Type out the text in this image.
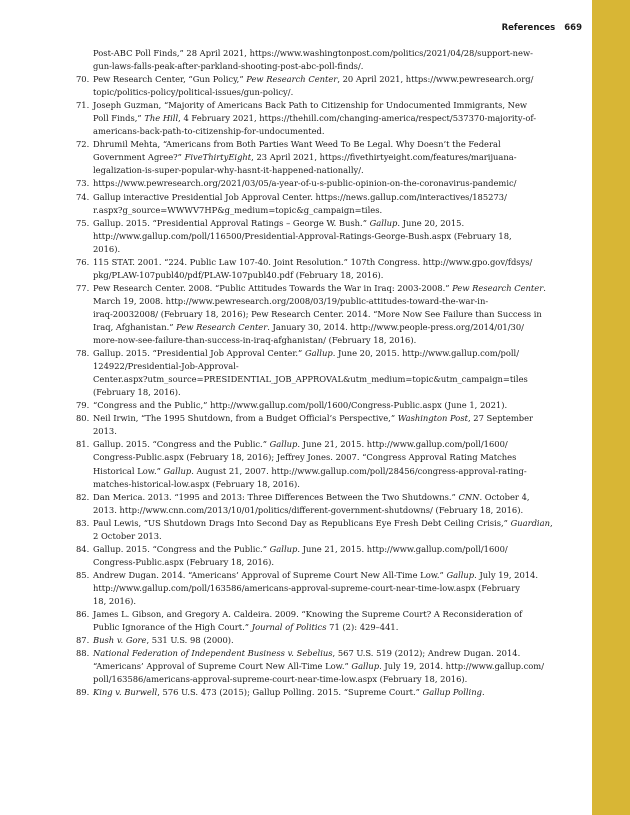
References 669
Post-ABC Poll Finds,” 28 April 2021, https://www.washingtonpost.com/politics/2021/04/28/support-new-
gun-laws-falls-peak-after-parkland-shooting-post-abc-poll-finds/.
70. Pew Research Center, “Gun Policy,” Pew Research Center, 20 April 2021, https://www.pewresearch.org/
topic/politics-policy/political-issues/gun-policy/.
71. Joseph Guzman, “Majority of Americans Back Path to Citizenship for Undocumented Immigrants, New
Poll Finds,” The Hill, 4 February 2021, https://thehill.com/changing-america/respect/537370-majority-of-
americans-back-path-to-citizenship-for-undocumented.
72. Dhrumil Mehta, “Americans from Both Parties Want Weed To Be Legal. Why Doesn’t the Federal
Government Agree?” FiveThirtyEight, 23 April 2021, https://fivethirtyeight.com/features/marijuana-
legalization-is-super-popular-why-hasnt-it-happened-nationally/.
73. https://www.pewresearch.org/2021/03/05/a-year-of-u-s-public-opinion-on-the-coronavirus-pandemic/
74. Gallup interactive Presidential Job Approval Center. https://news.gallup.com/interactives/185273/
r.aspx?g_source=WWWV7HP&g_medium=topic&g_campaign=tiles.
75. Gallup. 2015. “Presidential Approval Ratings – George W. Bush.” Gallup. June 20, 2015.
http://www.gallup.com/poll/116500/Presidential-Approval-Ratings-George-Bush.aspx (February 18,
2016).
76. 115 STAT. 2001. “224. Public Law 107-40. Joint Resolution.” 107th Congress. http://www.gpo.gov/fdsys/
pkg/PLAW-107publ40/pdf/PLAW-107publ40.pdf (February 18, 2016).
77. Pew Research Center. 2008. “Public Attitudes Towards the War in Iraq: 2003-2008.” Pew Research Center.
March 19, 2008. http://www.pewresearch.org/2008/03/19/public-attitudes-toward-the-war-in-
iraq-20032008/ (February 18, 2016); Pew Research Center. 2014. “More Now See Failure than Success in
Iraq, Afghanistan.” Pew Research Center. January 30, 2014. http://www.people-press.org/2014/01/30/
more-now-see-failure-than-success-in-iraq-afghanistan/ (February 18, 2016).
78. Gallup. 2015. “Presidential Job Approval Center.” Gallup. June 20, 2015. http://www.gallup.com/poll/
124922/Presidential-Job-Approval-
Center.aspx?utm_source=PRESIDENTIAL_JOB_APPROVAL&utm_medium=topic&utm_campaign=tiles
(February 18, 2016).
79. “Congress and the Public,” http://www.gallup.com/poll/1600/Congress-Public.aspx (June 1, 2021).
80. Neil Irwin, “The 1995 Shutdown, from a Budget Official’s Perspective,” Washington Post, 27 September
2013.
81. Gallup. 2015. “Congress and the Public.” Gallup. June 21, 2015. http://www.gallup.com/poll/1600/
Congress-Public.aspx (February 18, 2016); Jeffrey Jones. 2007. “Congress Approval Rating Matches
Historical Low.” Gallup. August 21, 2007. http://www.gallup.com/poll/28456/congress-approval-rating-
matches-historical-low.aspx (February 18, 2016).
82. Dan Merica. 2013. “1995 and 2013: Three Differences Between the Two Shutdowns.” CNN. October 4,
2013. http://www.cnn.com/2013/10/01/politics/different-government-shutdowns/ (February 18, 2016).
83. Paul Lewis, “US Shutdown Drags Into Second Day as Republicans Eye Fresh Debt Ceiling Crisis,” Guardian,
2 October 2013.
84. Gallup. 2015. “Congress and the Public.” Gallup. June 21, 2015. http://www.gallup.com/poll/1600/
Congress-Public.aspx (February 18, 2016).
85. Andrew Dugan. 2014. “Americans’ Approval of Supreme Court New All-Time Low.” Gallup. July 19, 2014.
http://www.gallup.com/poll/163586/americans-approval-supreme-court-near-time-low.aspx (February
18, 2016).
86. James L. Gibson, and Gregory A. Caldeira. 2009. “Knowing the Supreme Court? A Reconsideration of
Public Ignorance of the High Court.” Journal of Politics 71 (2): 429–441.
87. Bush v. Gore, 531 U.S. 98 (2000).
88. National Federation of Independent Business v. Sebelius, 567 U.S. 519 (2012); Andrew Dugan. 2014.
“Americans’ Approval of Supreme Court New All-Time Low.” Gallup. July 19, 2014. http://www.gallup.com/
poll/163586/americans-approval-supreme-court-near-time-low.aspx (February 18, 2016).
89. King v. Burwell, 576 U.S. 473 (2015); Gallup Polling. 2015. “Supreme Court.” Gallup Polling.
